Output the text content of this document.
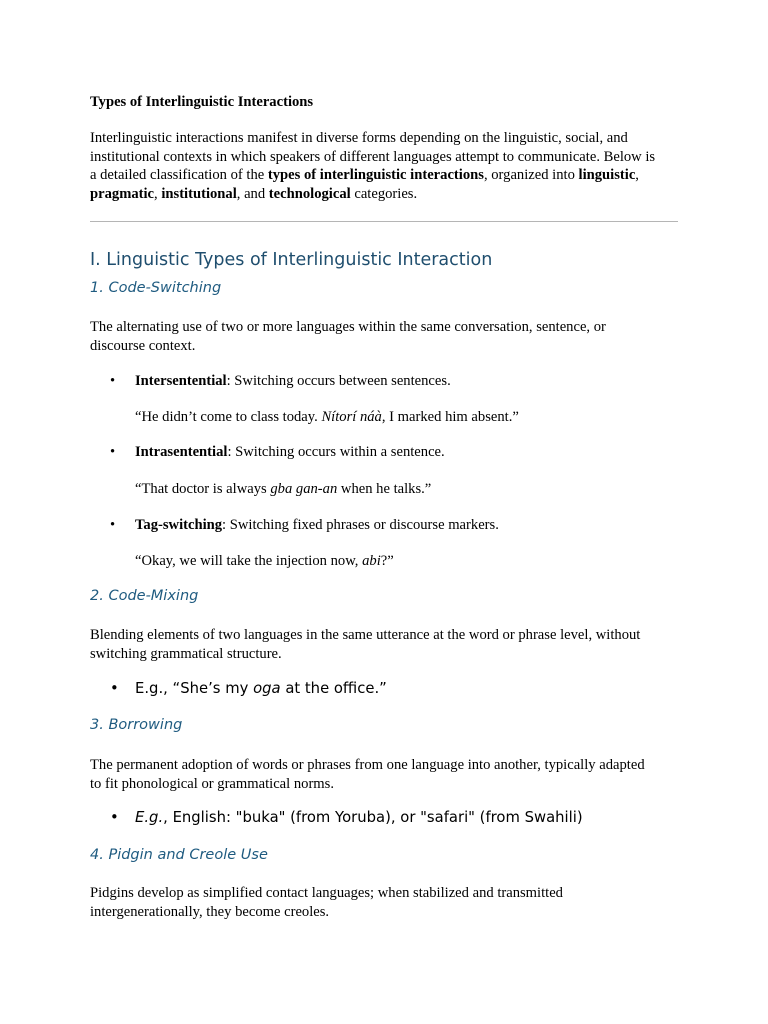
Types of Interlinguistic Interactions
Interlinguistic interactions manifest in diverse forms depending on the linguistic, social, and
institutional contexts in which speakers of different languages attempt to communicate. Below is
a detailed classification of the types of interlinguistic interactions, organized into linguistic,
pragmatic, institutional, and technological categories.
I. Linguistic Types of Interlinguistic Interaction
1. Code-Switching
The alternating use of two or more languages within the same conversation, sentence, or
discourse context.
• Intersentential: Switching occurs between sentences.
“He didn’t come to class today. Nítorí náà, I marked him absent.”
• Intrasentential: Switching occurs within a sentence.
“That doctor is always gba gan-an when he talks.”
• Tag-switching: Switching fixed phrases or discourse markers.
“Okay, we will take the injection now, abi?”
2. Code-Mixing
Blending elements of two languages in the same utterance at the word or phrase level, without
switching grammatical structure.
• E.g., “She’s my oga at the office.”
3. Borrowing
The permanent adoption of words or phrases from one language into another, typically adapted
to fit phonological or grammatical norms.
• E.g., English: "buka" (from Yoruba), or "safari" (from Swahili)
4. Pidgin and Creole Use
Pidgins develop as simplified contact languages; when stabilized and transmitted
intergenerationally, they become creoles.
